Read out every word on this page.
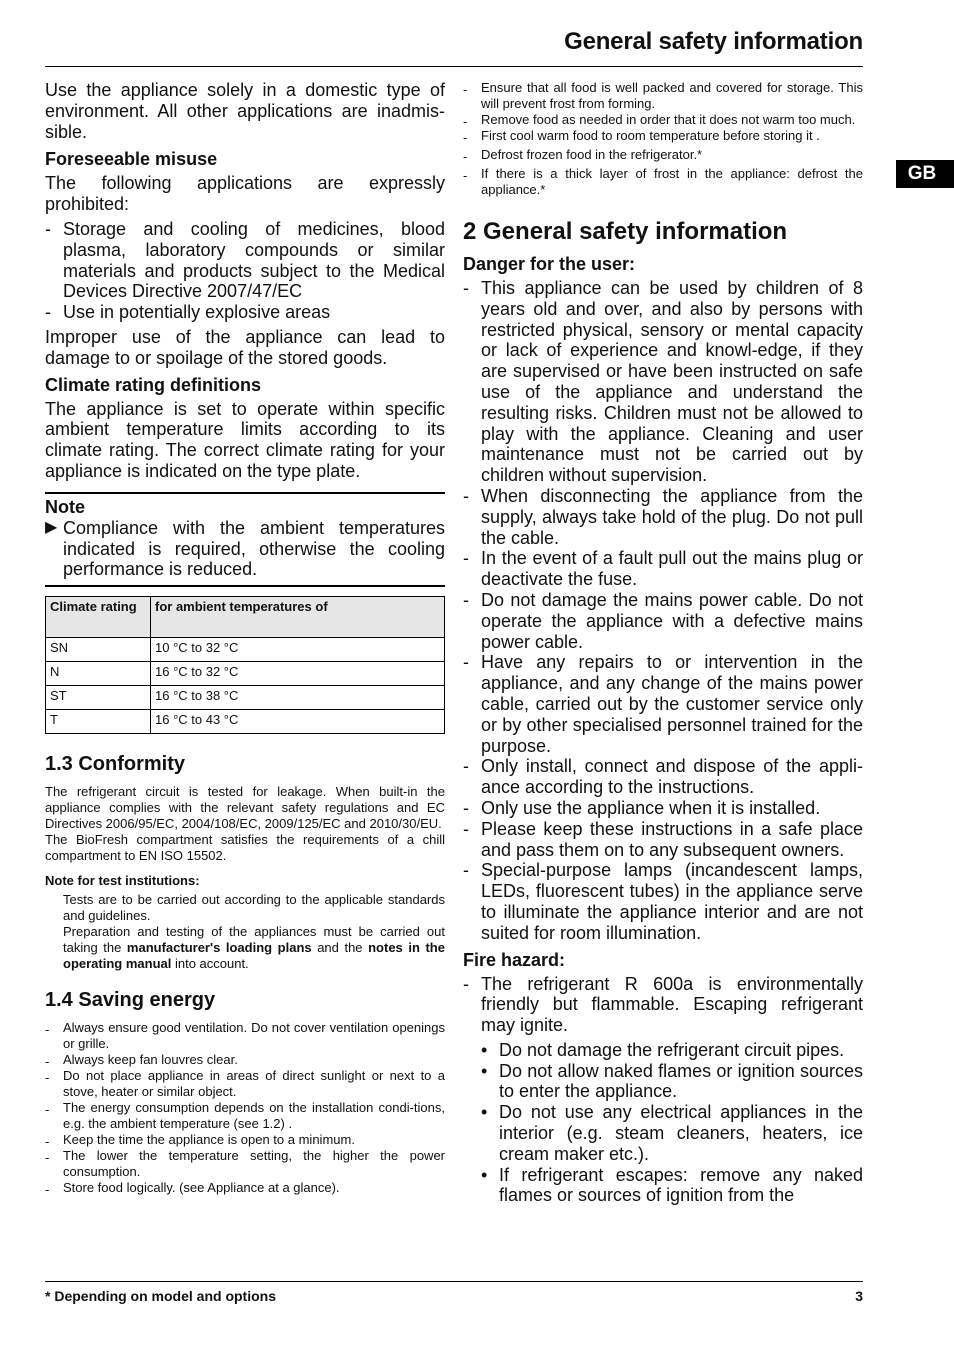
General safety information
GB

Use the appliance solely in a domestic type of environment. All other applications are inadmis-sible.

Foreseeable misuse

The following applications are expressly prohibited:

- Storage and cooling of medicines, blood plasma, laboratory compounds or similar materials and products subject to the Medical Devices Directive 2007/47/EC
- Use in potentially explosive areas

Improper use of the appliance can lead to damage to or spoilage of the stored goods.

Climate rating definitions

The appliance is set to operate within specific ambient temperature limits according to its climate rating. The correct climate rating for your appliance is indicated on the type plate.

Note
▶ Compliance with the ambient temperatures indicated is required, otherwise the cooling performance is reduced.
Climate rating	for ambient temperatures of
SN	10 °C to 32 °C
N	16 °C to 32 °C
ST	16 °C to 38 °C
T	16 °C to 43 °C
1.3 Conformity

The refrigerant circuit is tested for leakage. When built-in the appliance complies with the relevant safety regulations and EC Directives 2006/95/EC, 2004/108/EC, 2009/125/EC and 2010/30/EU.

The BioFresh compartment satisfies the requirements of a chill compartment to EN ISO 15502.

Note for test institutions:

Tests are to be carried out according to the applicable standards and guidelines.

Preparation and testing of the appliances must be carried out taking the manufacturer's loading plans and the notes in the operating manual into account.

1.4 Saving energy
- Always ensure good ventilation. Do not cover ventilation openings or grille.
- Always keep fan louvres clear.
- Do not place appliance in areas of direct sunlight or next to a stove, heater or similar object.
- The energy consumption depends on the installation condi-tions, e.g. the ambient temperature (see 1.2) .
- Keep the time the appliance is open to a minimum.
- The lower the temperature setting, the higher the power consumption.
- Store food logically. (see Appliance at a glance).
- Ensure that all food is well packed and covered for storage. This will prevent frost from forming.
- Remove food as needed in order that it does not warm too much.
- First cool warm food to room temperature before storing it .
- Defrost frozen food in the refrigerator.*
- If there is a thick layer of frost in the appliance: defrost the appliance.*
2 General safety information
Danger for the user:
- This appliance can be used by children of 8 years old and over, and also by persons with restricted physical, sensory or mental capacity or lack of experience and knowl-edge, if they are supervised or have been instructed on safe use of the appliance and understand the resulting risks. Children must not be allowed to play with the appliance. Cleaning and user maintenance must not be carried out by children without supervision.
- When disconnecting the appliance from the supply, always take hold of the plug. Do not pull the cable.
- In the event of a fault pull out the mains plug or deactivate the fuse.
- Do not damage the mains power cable. Do not operate the appliance with a defective mains power cable.
- Have any repairs to or intervention in the appliance, and any change of the mains power cable, carried out by the customer service only or by other specialised personnel trained for the purpose.
- Only install, connect and dispose of the appli-ance according to the instructions.
- Only use the appliance when it is installed.
- Please keep these instructions in a safe place and pass them on to any subsequent owners.
- Special-purpose lamps (incandescent lamps, LEDs, fluorescent tubes) in the appliance serve to illuminate the appliance interior and are not suited for room illumination.
Fire hazard:
- The refrigerant R 600a is environmentally friendly but flammable. Escaping refrigerant may ignite.
• Do not damage the refrigerant circuit pipes.
• Do not allow naked flames or ignition sources to enter the appliance.
• Do not use any electrical appliances in the interior (e.g. steam cleaners, heaters, ice cream maker etc.).
• If refrigerant escapes: remove any naked flames or sources of ignition from the
* Depending on model and options	3
